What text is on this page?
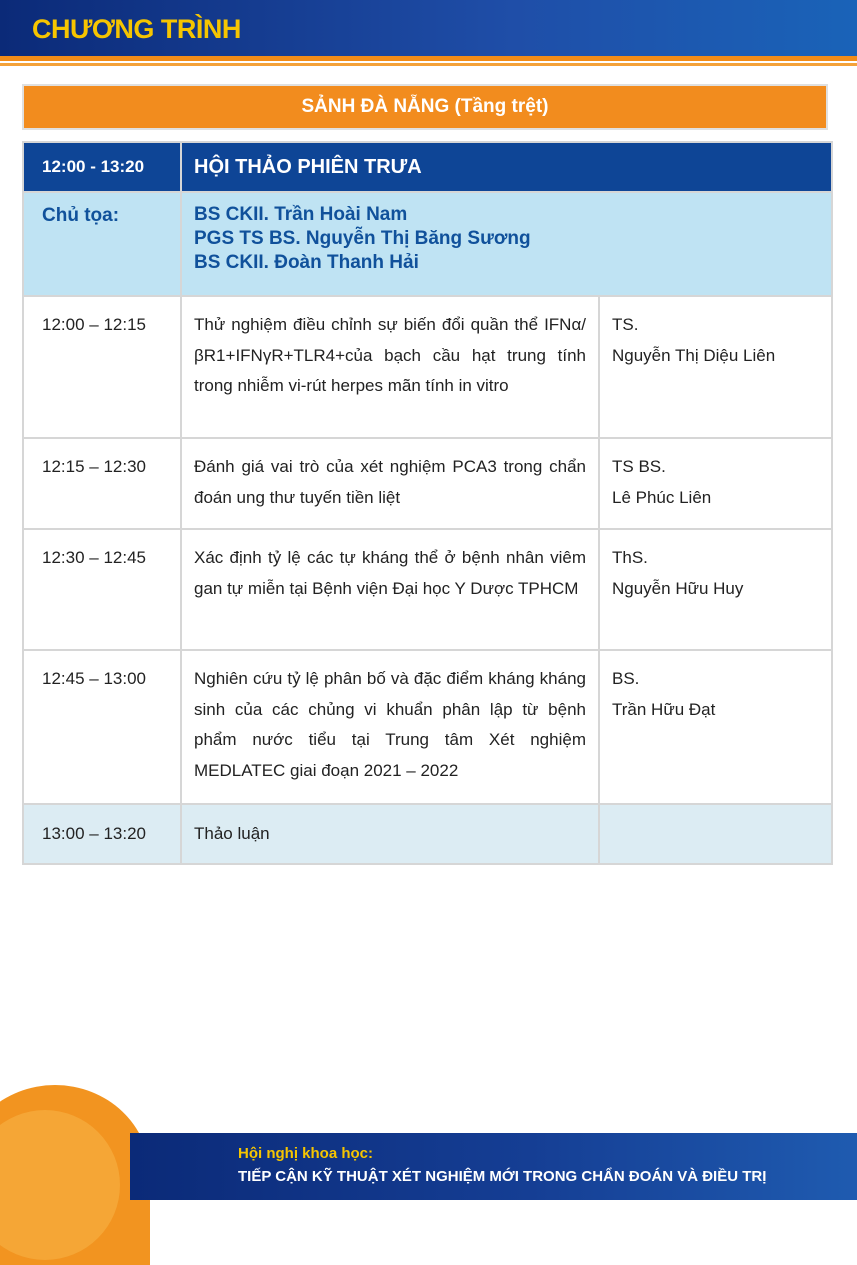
CHƯƠNG TRÌNH
SẢNH ĐÀ NẴNG (Tầng trệt)
12:00 - 13:20	HỘI THẢO PHIÊN TRƯA	
Chủ tọa:	BS CKII. Trần Hoài Nam
PGS TS BS. Nguyễn Thị Băng Sương
BS CKII. Đoàn Thanh Hải	

12:00 – 12:15	Thử nghiệm điều chỉnh sự biến đổi quần thể IFNα/βR1+IFNγR+TLR4+của bạch cầu hạt trung tính trong nhiễm vi-rút herpes mãn tính in vitro	TS.
Nguyễn Thị Diệu Liên

12:15 – 12:30	Đánh giá vai trò của xét nghiệm PCA3 trong chẩn đoán ung thư tuyến tiền liệt	TS BS.
Lê Phúc Liên

12:30 – 12:45	Xác định tỷ lệ các tự kháng thể ở bệnh nhân viêm gan tự miễn tại Bệnh viện Đại học Y Dược TPHCM	ThS.
Nguyễn Hữu Huy

12:45 – 13:00	Nghiên cứu tỷ lệ phân bố và đặc điểm kháng kháng sinh của các chủng vi khuẩn phân lập từ bệnh phẩm nước tiểu tại Trung tâm Xét nghiệm MEDLATEC giai đoạn 2021 – 2022	BS.
Trần Hữu Đạt

13:00 – 13:20	Thảo luận	
Hội nghị khoa học:
TIẾP CẬN KỸ THUẬT XÉT NGHIỆM MỚI TRONG CHẨN ĐOÁN VÀ ĐIỀU TRỊ
